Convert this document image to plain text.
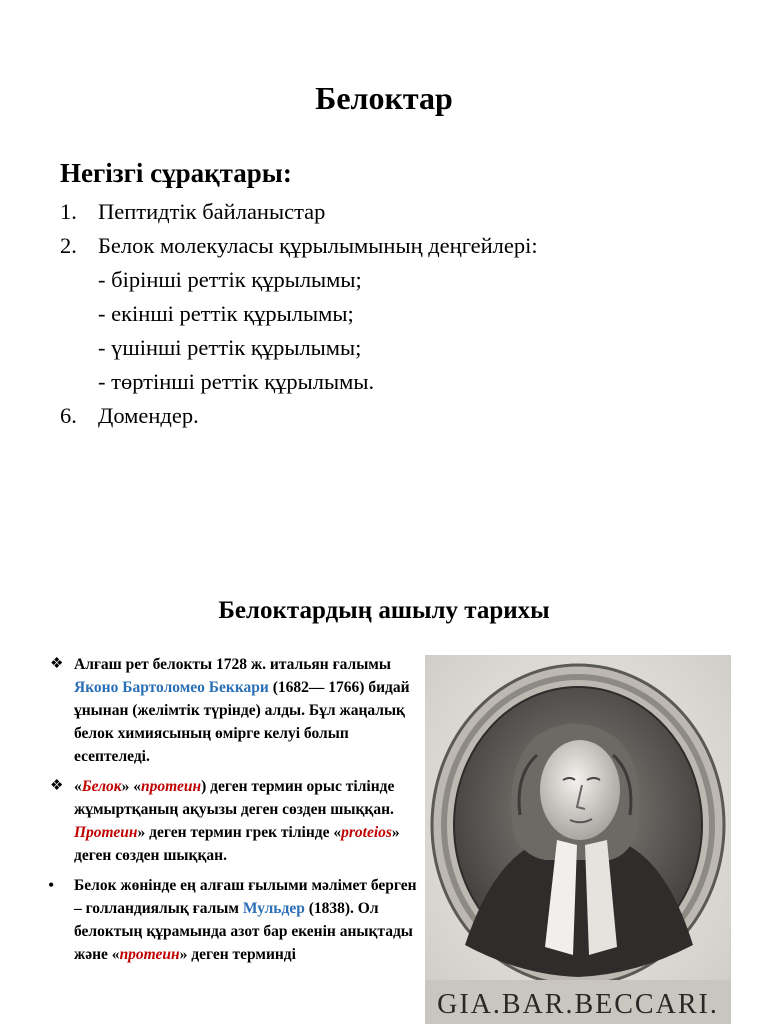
Белоктар
Негізгі сұрақтары:
1. Пептидтік байланыстар
2. Белок молекуласы құрылымының деңгейлері:
- бірінші реттік құрылымы;
- екінші реттік құрылымы;
- үшінші реттік құрылымы;
- төртінші реттік құрылымы.
6. Домендер.
Белоктардың ашылу тарихы
❖ Алғаш рет белокты 1728 ж. итальян ғалымы Яконо Бартоломео Беккари (1682— 1766) бидай ұнынан (желімтік түрінде) алды. Бұл жаңалық белок химиясының өмірге келуі болып есептеледі.
❖ «Белок» «протеин) деген термин орыс тілінде жұмыртқаның ақуызы деген сөзден шыққан. Протеин» деген термин грек тілінде «proteios» деген сөзден шыққан.
• Белок жөнінде ең алғаш ғылыми мәлімет берген – голландиялық ғалым Мульдер (1838). Ол белоктың құрамында азот бар екенін анықтады және «протеин» деген терминді
GIA.BAR.BECCARI.
